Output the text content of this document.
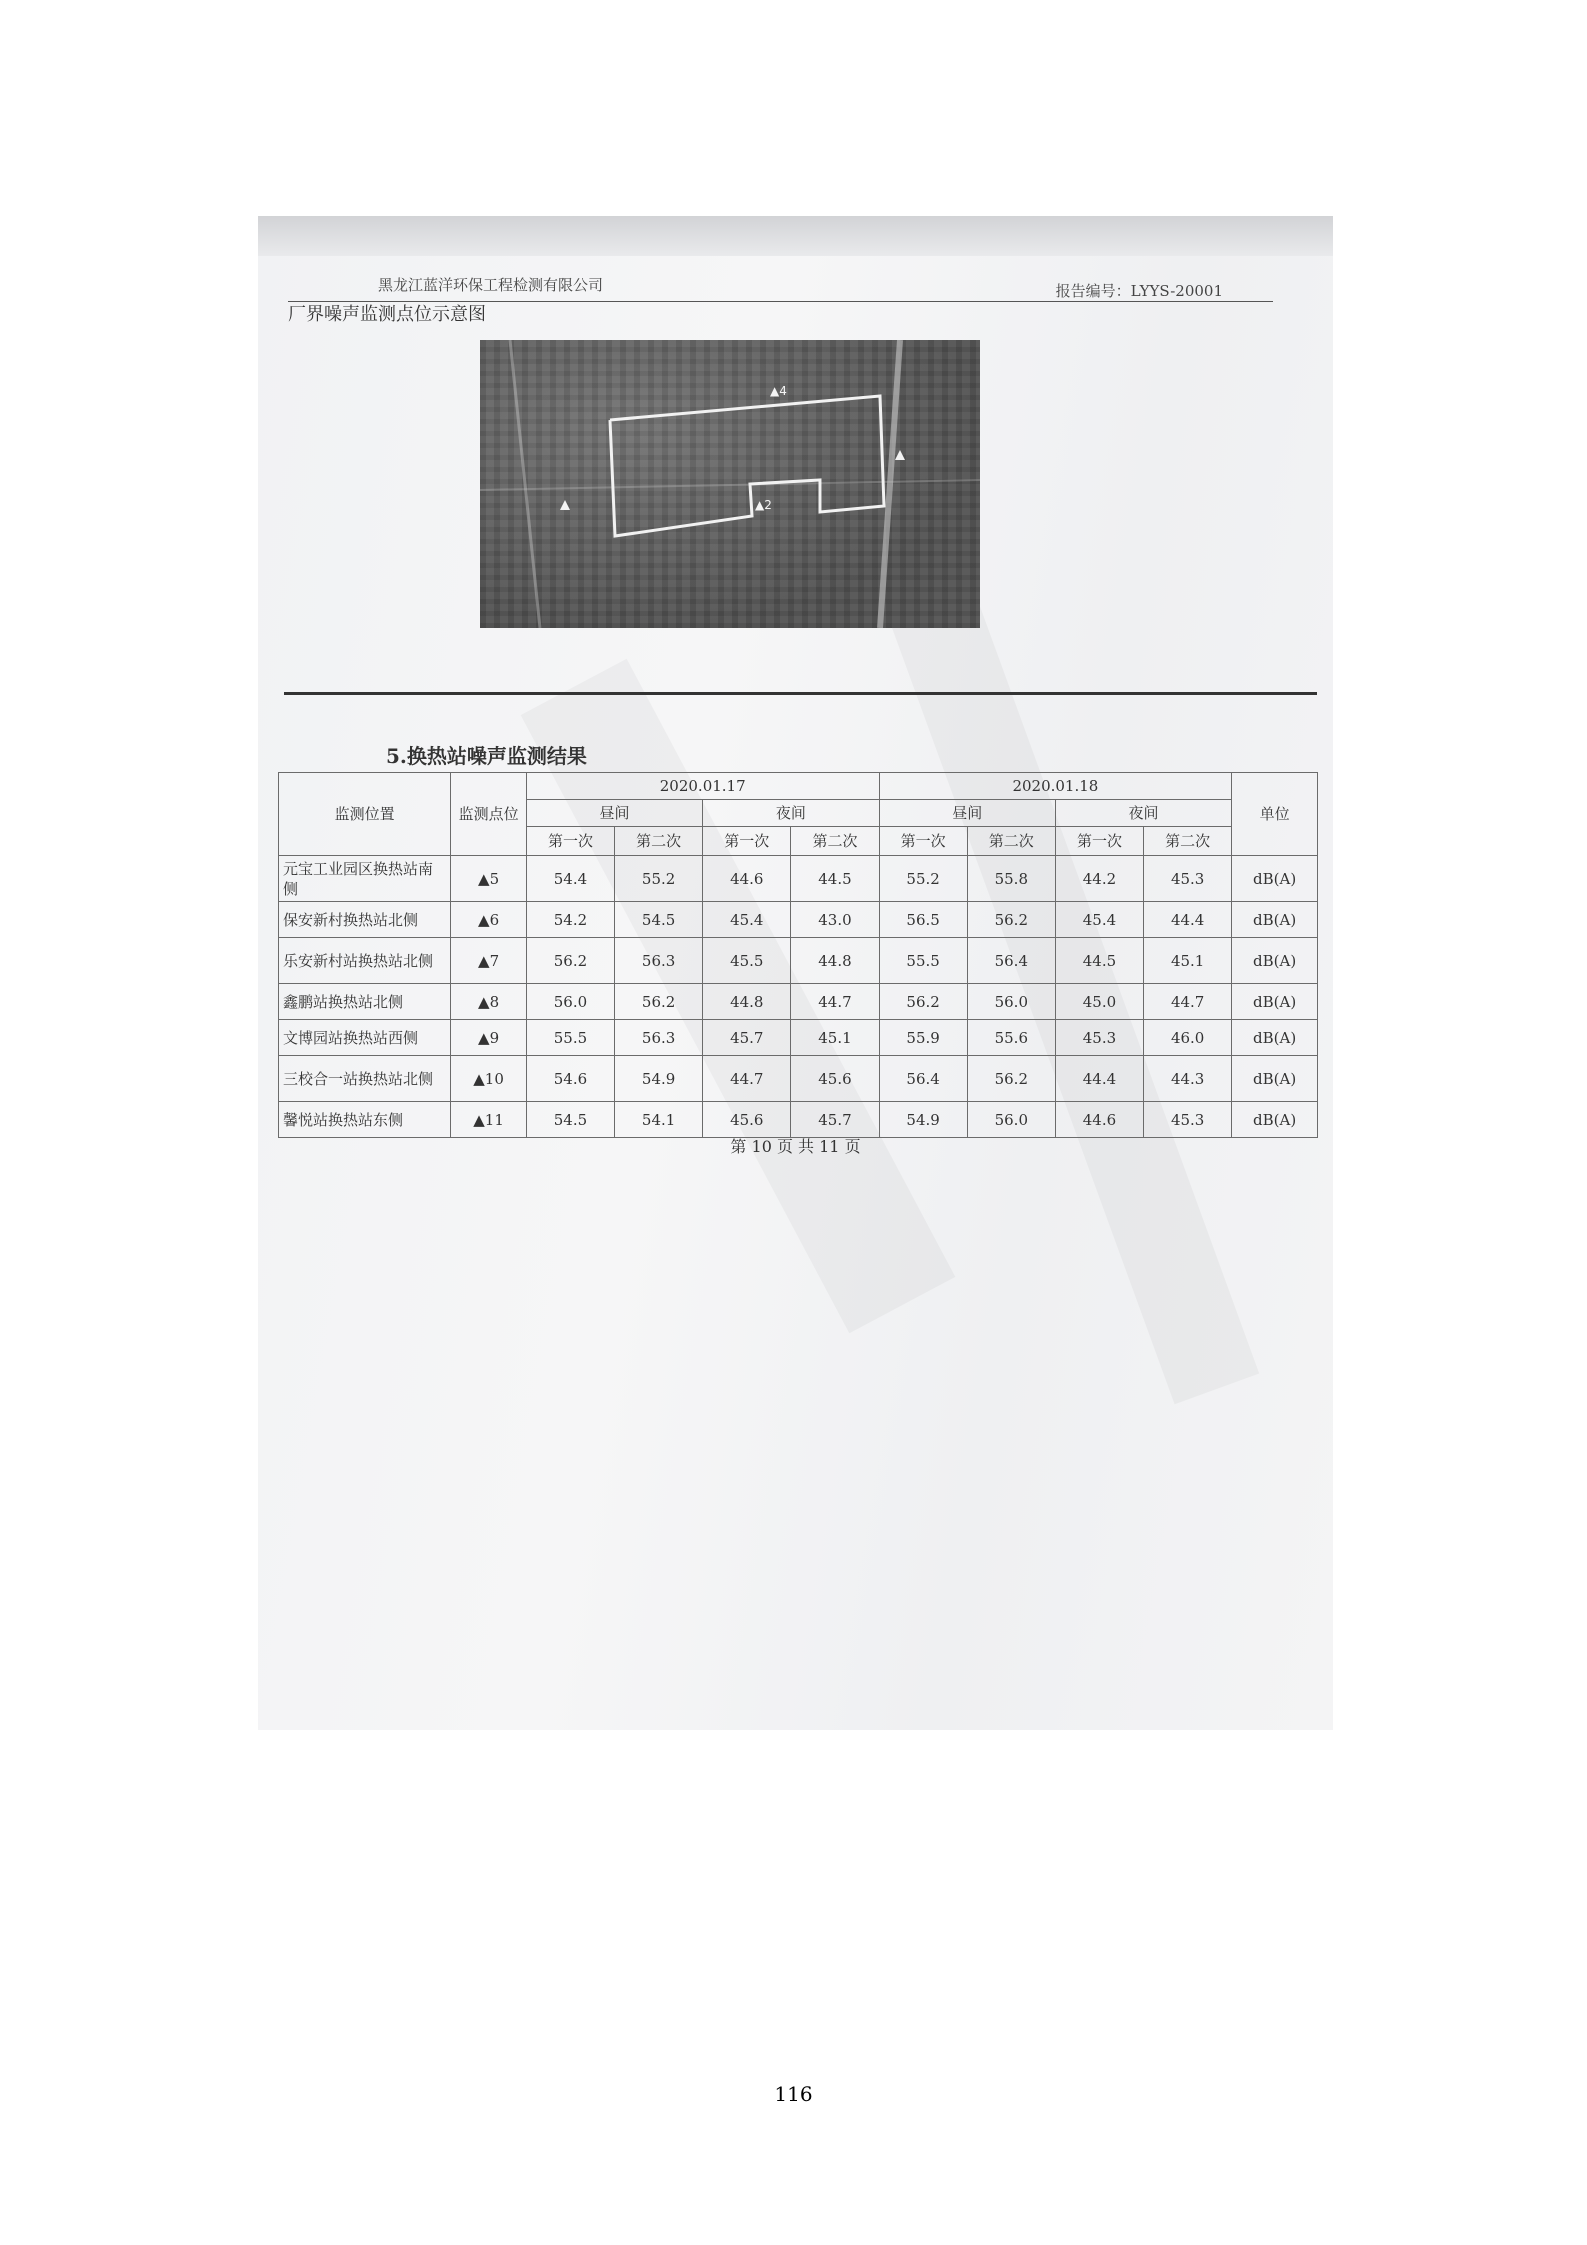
黑龙江蓝洋环保工程检测有限公司	报告编号：LYYS-20001
厂界噪声监测点位示意图
▲4
▲2
5.换热站噪声监测结果
监测位置	监测点位	2020.01.17				2020.01.18				单位
		昼间		夜间		昼间		夜间		
		第一次	第二次	第一次	第二次	第一次	第二次	第一次	第二次	
元宝工业园区换热站南侧	▲5	54.4	55.2	44.6	44.5	55.2	55.8	44.2	45.3	dB(A)
保安新村换热站北侧	▲6	54.2	54.5	45.4	43.0	56.5	56.2	45.4	44.4	dB(A)
乐安新村站换热站北侧	▲7	56.2	56.3	45.5	44.8	55.5	56.4	44.5	45.1	dB(A)
鑫鹏站换热站北侧	▲8	56.0	56.2	44.8	44.7	56.2	56.0	45.0	44.7	dB(A)
文博园站换热站西侧	▲9	55.5	56.3	45.7	45.1	55.9	55.6	45.3	46.0	dB(A)
三校合一站换热站北侧	▲10	54.6	54.9	44.7	45.6	56.4	56.2	44.4	44.3	dB(A)
馨悦站换热站东侧	▲11	54.5	54.1	45.6	45.7	54.9	56.0	44.6	45.3	dB(A)
第 10 页 共 11 页
116
